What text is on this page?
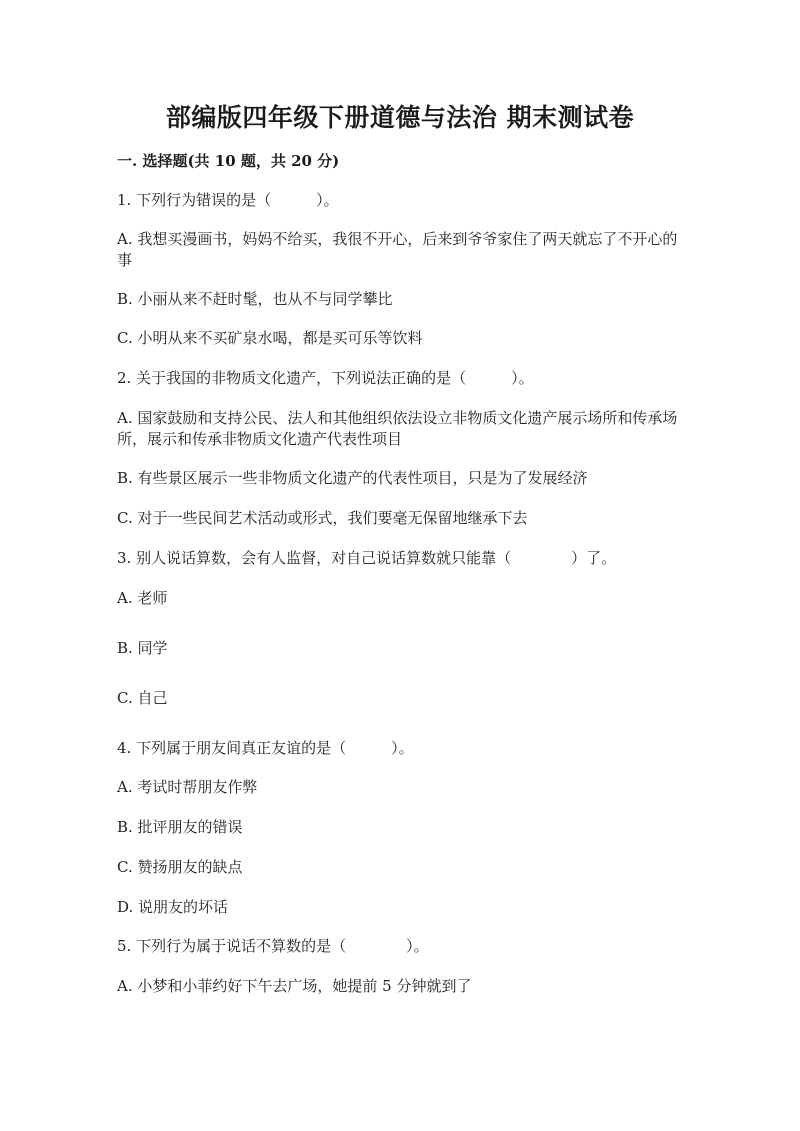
部编版四年级下册道德与法治 期末测试卷
一. 选择题(共 10 题，共 20 分)
1. 下列行为错误的是（　　　）。
A. 我想买漫画书，妈妈不给买，我很不开心，后来到爷爷家住了两天就忘了不开心的事
B. 小丽从来不赶时髦，也从不与同学攀比
C. 小明从来不买矿泉水喝，都是买可乐等饮料
2. 关于我国的非物质文化遗产，下列说法正确的是（　　　）。
A. 国家鼓励和支持公民、法人和其他组织依法设立非物质文化遗产展示场所和传承场所，展示和传承非物质文化遗产代表性项目
B. 有些景区展示一些非物质文化遗产的代表性项目，只是为了发展经济
C. 对于一些民间艺术活动或形式，我们要毫无保留地继承下去
3. 别人说话算数，会有人监督，对自己说话算数就只能靠（　　　　）了。
A. 老师
B. 同学
C. 自己
4. 下列属于朋友间真正友谊的是（　　　）。
A. 考试时帮朋友作弊
B. 批评朋友的错误
C. 赞扬朋友的缺点
D. 说朋友的坏话
5. 下列行为属于说话不算数的是（　　　　）。
A. 小梦和小菲约好下午去广场，她提前 5 分钟就到了
